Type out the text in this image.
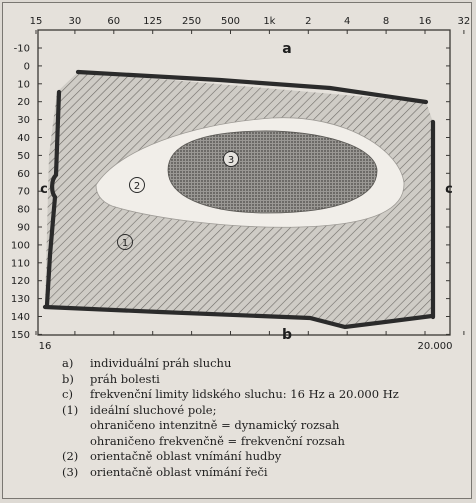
15	30	60 125 250 500 1k	2	4	8	16	32
-10
0
10
20
30
40
50
60
70
80
90
100
110
120
130
140
150
16	20.000
a
b
c	c
1
2
3
a) individuální práh sluchu
b) práh bolesti
c) frekvenční limity lidského sluchu: 16 Hz a 20.000 Hz
(1) ideální sluchové pole;
ohraničeno intenzitně = dynamický rozsah
ohraničeno frekvenčně = frekvenční rozsah
(2) orientačně oblast vnímání hudby
(3) orientačně oblast vnímání řeči
